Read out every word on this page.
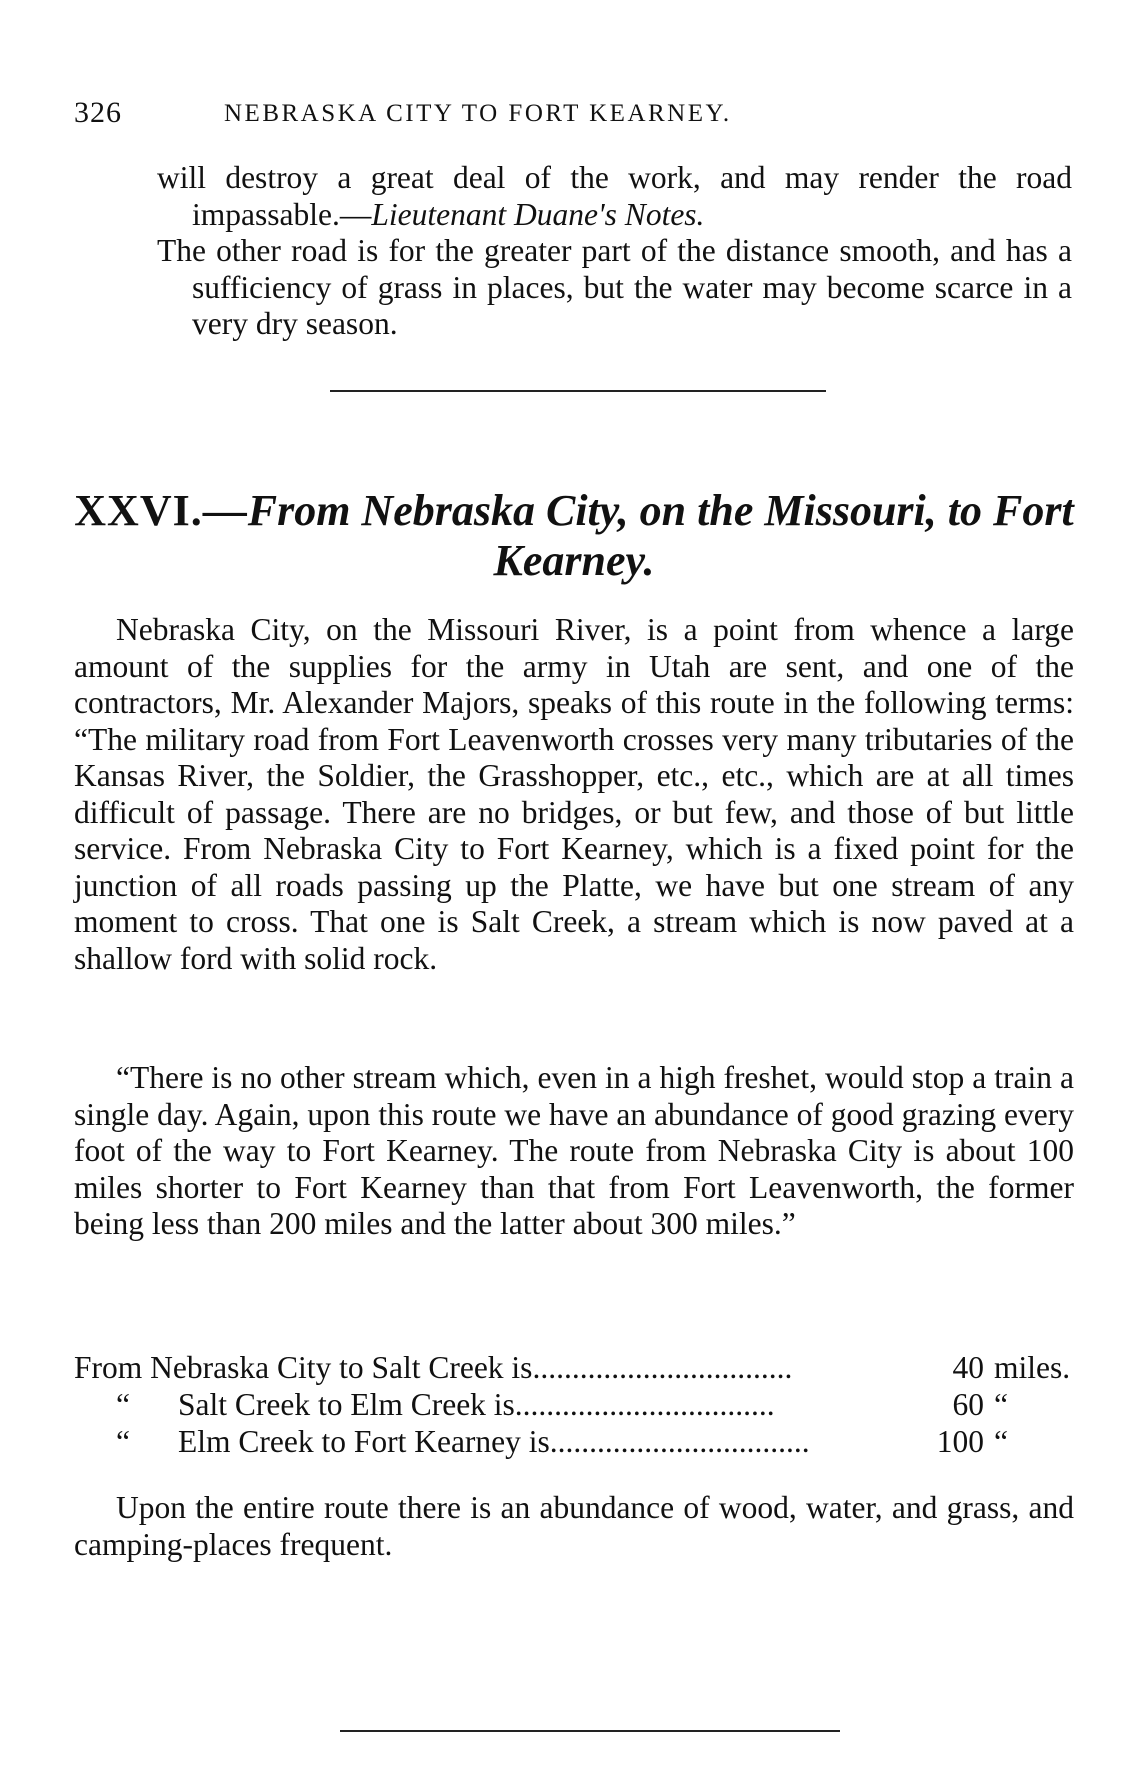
326	NEBRASKA CITY TO FORT KEARNEY.

will destroy a great deal of the work, and may render the road impassable.—Lieutenant Duane's Notes.

The other road is for the greater part of the distance smooth, and has a sufficiency of grass in places, but the water may become scarce in a very dry season.

XXVI.—From Nebraska City, on the Missouri, to Fort Kearney.

Nebraska City, on the Missouri River, is a point from whence a large amount of the supplies for the army in Utah are sent, and one of the contractors, Mr. Alexander Majors, speaks of this route in the following terms: “The military road from Fort Leavenworth crosses very many tributaries of the Kansas River, the Soldier, the Grasshopper, etc., etc., which are at all times difficult of passage. There are no bridges, or but few, and those of but little service. From Nebraska City to Fort Kearney, which is a fixed point for the junction of all roads passing up the Platte, we have but one stream of any moment to cross. That one is Salt Creek, a stream which is now paved at a shallow ford with solid rock.

“There is no other stream which, even in a high freshet, would stop a train a single day. Again, upon this route we have an abundance of good grazing every foot of the way to Fort Kearney. The route from Nebraska City is about 100 miles shorter to Fort Kearney than that from Fort Leavenworth, the former being less than 200 miles and the latter about 300 miles.”

From Nebraska City to Salt Creek is.................................	40 miles.
“ Salt Creek to Elm Creek is.................................	60 “
“ Elm Creek to Fort Kearney is.................................	100 “

Upon the entire route there is an abundance of wood, water, and grass, and camping-places frequent.
